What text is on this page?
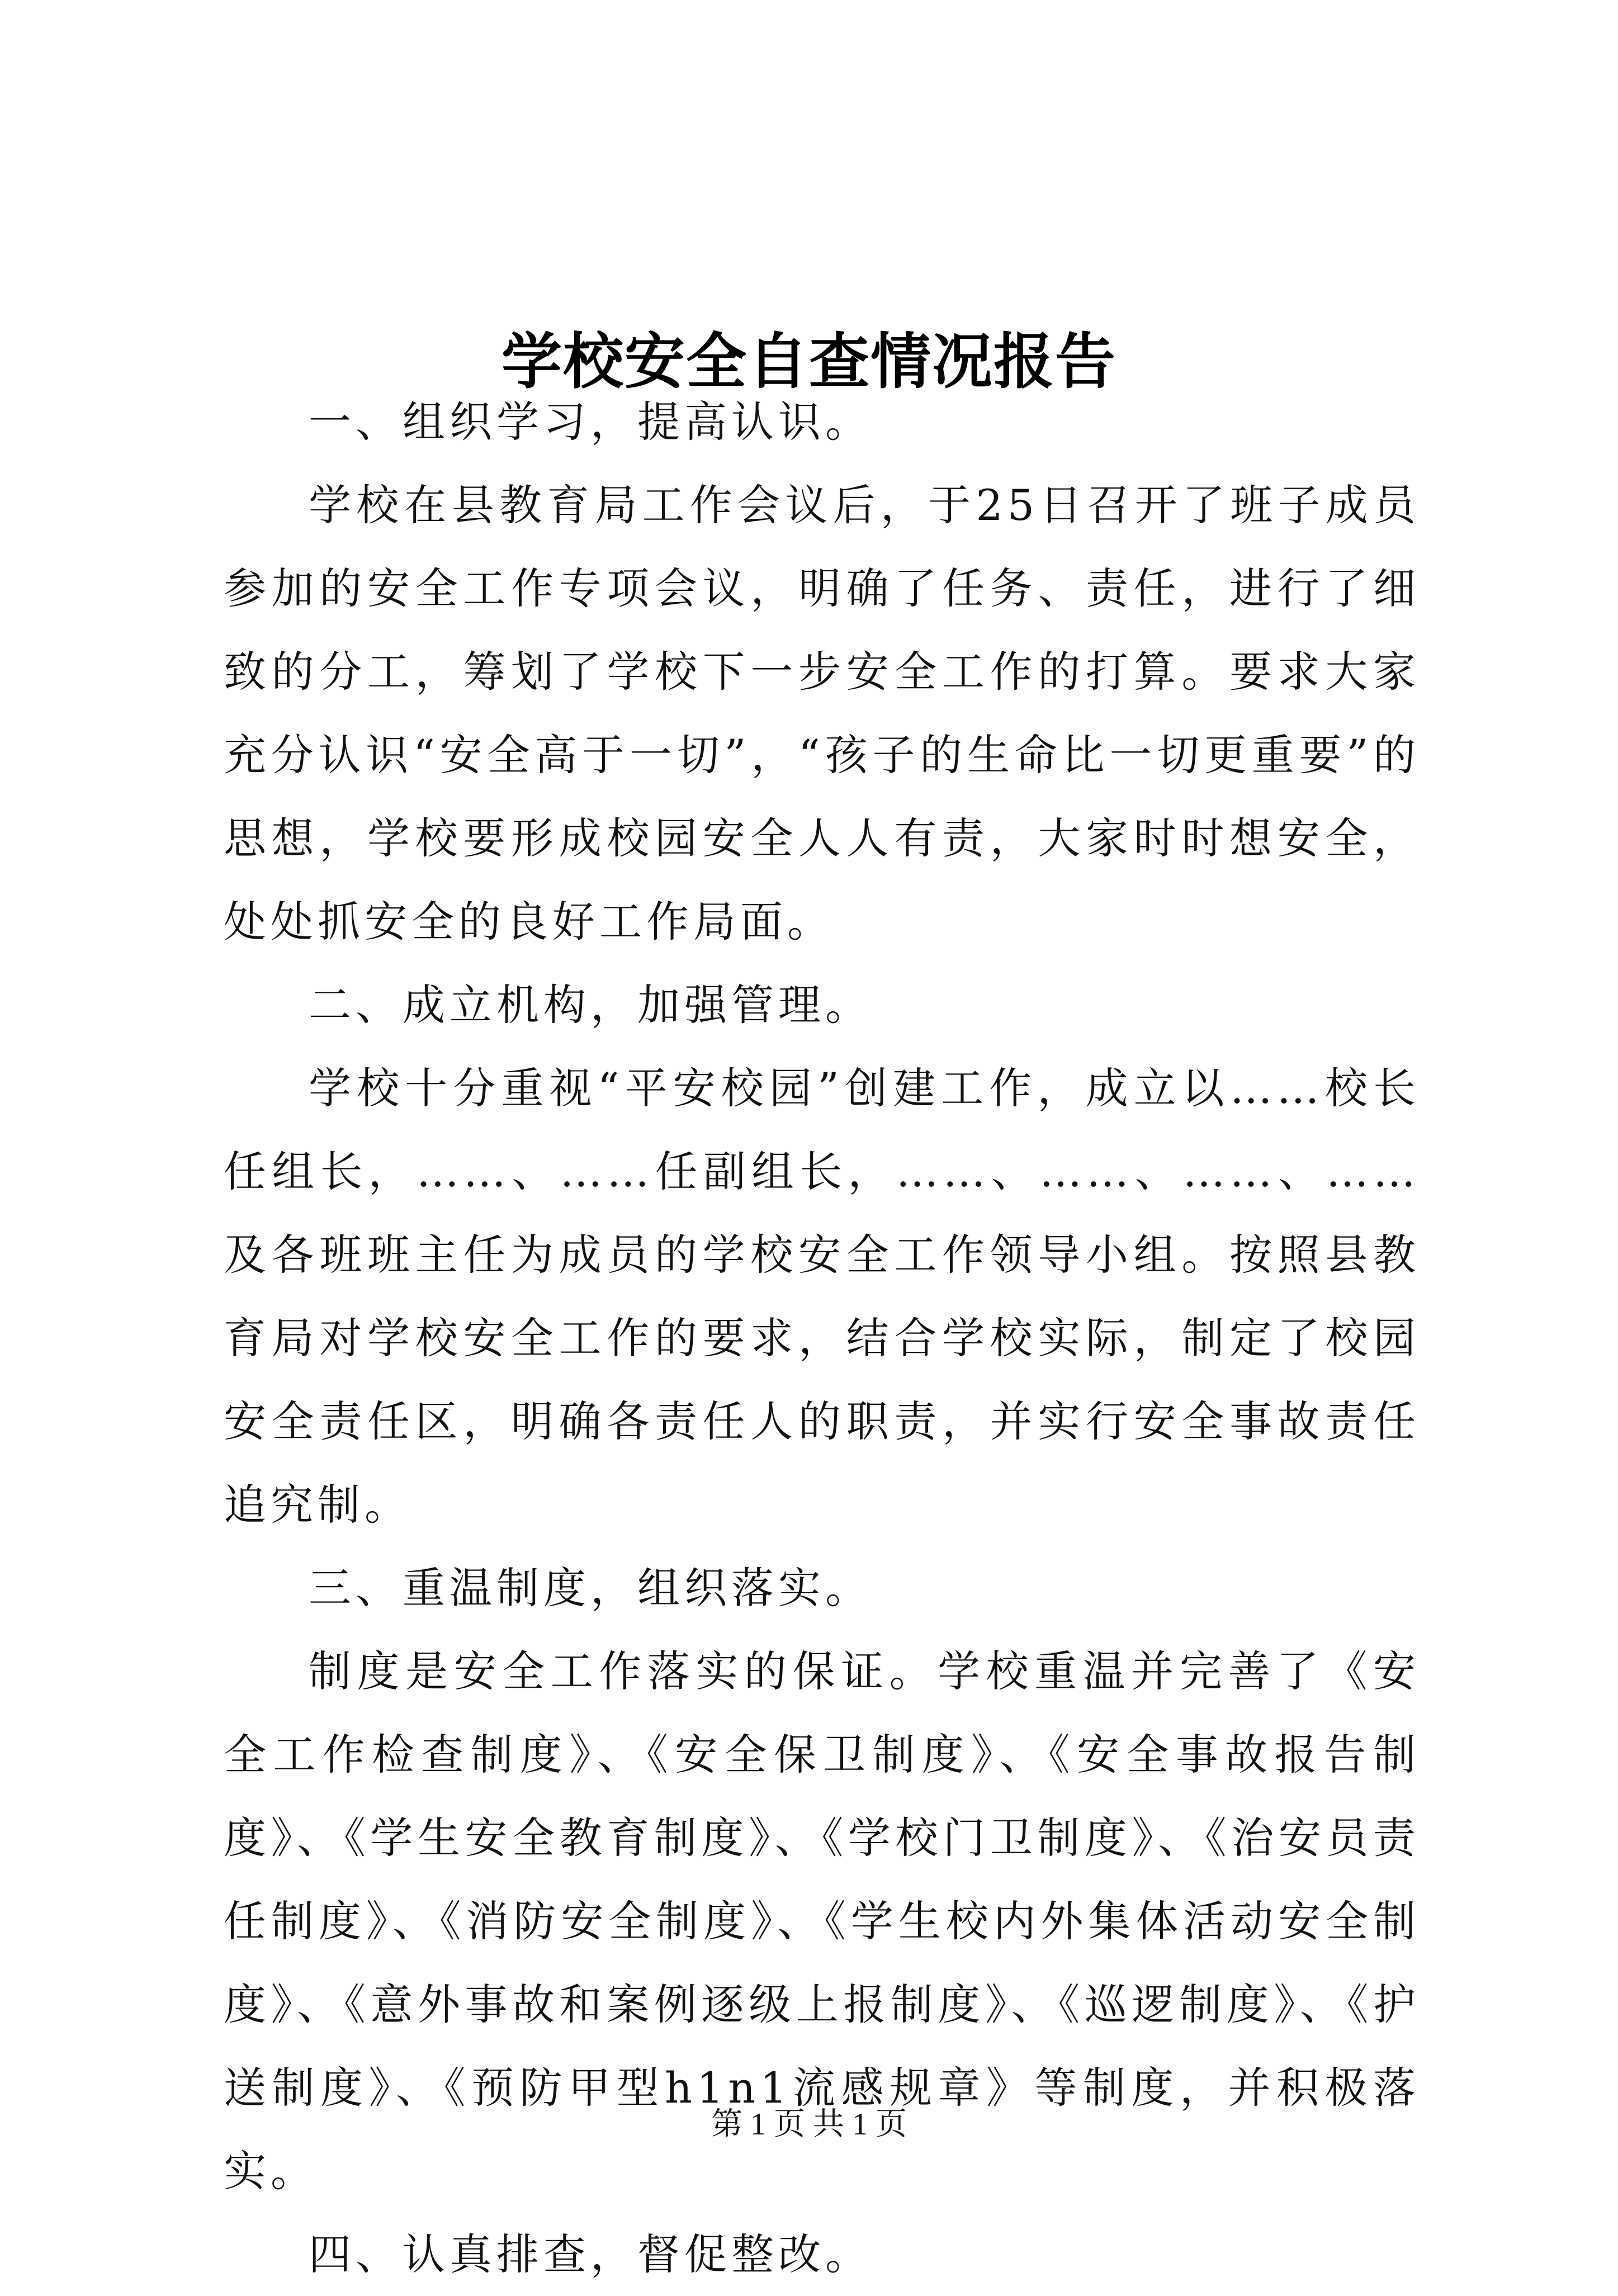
学校安全自查情况报告

一、组织学习，提高认识。

学校在县教育局工作会议后，于25日召开了班子成员参加的安全工作专项会议，明确了任务、责任，进行了细致的分工，筹划了学校下一步安全工作的打算。要求大家充分认识“安全高于一切”，“孩子的生命比一切更重要”的思想，学校要形成校园安全人人有责，大家时时想安全，处处抓安全的良好工作局面。

二、成立机构，加强管理。

学校十分重视“平安校园”创建工作，成立以……校长任组长，……、……任副组长，……、……、……、……及各班班主任为成员的学校安全工作领导小组。按照县教育局对学校安全工作的要求，结合学校实际，制定了校园安全责任区，明确各责任人的职责，并实行安全事故责任追究制。

三、重温制度，组织落实。

制度是安全工作落实的保证。学校重温并完善了《安全工作检查制度》、《安全保卫制度》、《安全事故报告制度》、《学生安全教育制度》、《学校门卫制度》、《治安员责任制度》、《消防安全制度》、《学生校内外集体活动安全制度》、《意外事故和案例逐级上报制度》、《巡逻制度》、《护送制度》、《预防甲型h1n1流感规章》等制度，并积极落实。

四、认真排查，督促整改。

第 1 页 共 1 页
